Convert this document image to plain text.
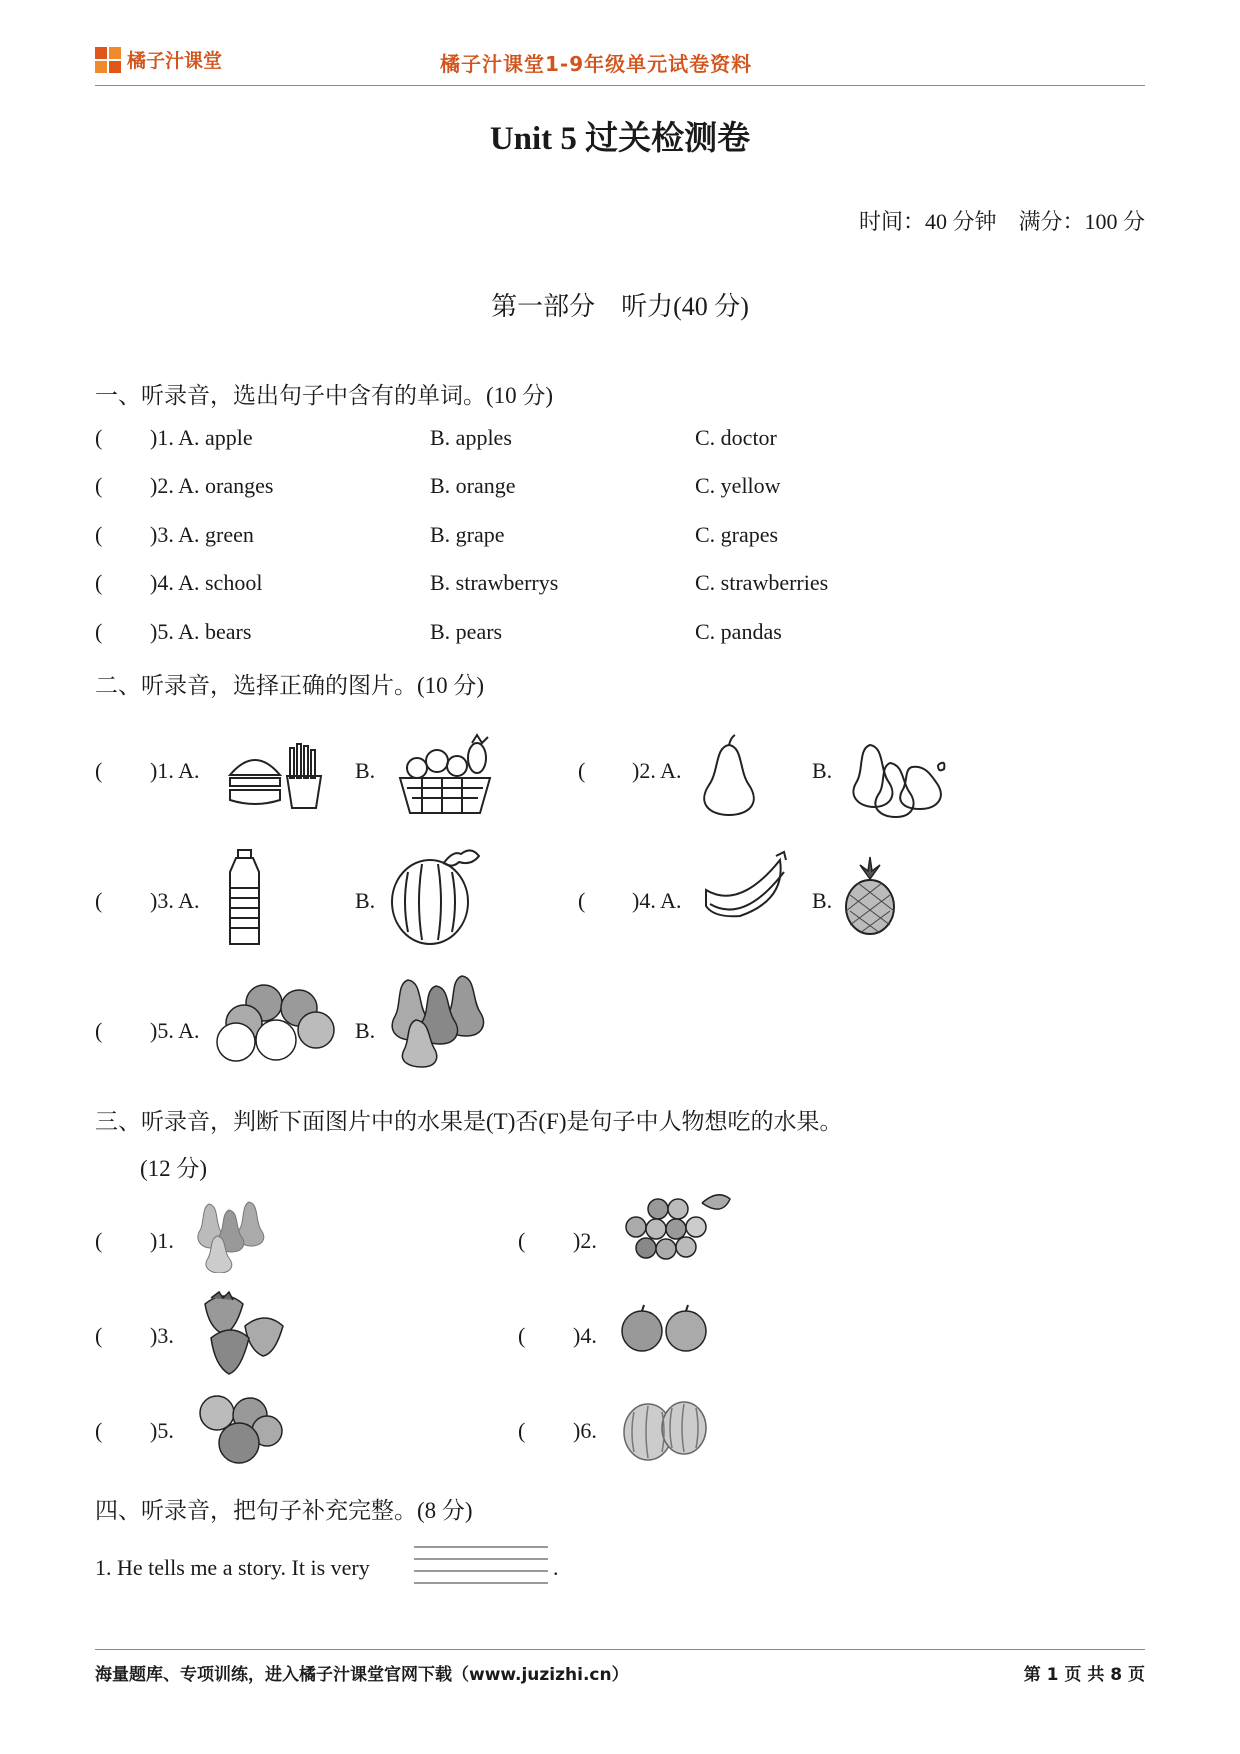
橘子汁课堂	橘子汁课堂1-9年级单元试卷资料
Unit 5 过关检测卷
时间：40 分钟　满分：100 分
第一部分　听力(40 分)
一、听录音，选出句子中含有的单词。(10 分)
( )1. A. apple	B. apples	C. doctor
( )2. A. oranges	B. orange	C. yellow
( )3. A. green	B. grape	C. grapes
( )4. A. school	B. strawberrys	C. strawberries
( )5. A. bears	B. pears	C. pandas
二、听录音，选择正确的图片。(10 分)
( )1. A.	B.	( )2. A.	B.
( )3. A.	B.	( )4. A.	B.
( )5. A.	B.
三、听录音，判断下面图片中的水果是(T)否(F)是句子中人物想吃的水果。
(12 分)
( )1.	( )2.
( )3.	( )4.
( )5.	( )6.
四、听录音，把句子补充完整。(8 分)
1. He tells me a story. It is very	.
海量题库、专项训练，进入橘子汁课堂官网下载（www.juzizhi.cn）	第 1 页 共 8 页
